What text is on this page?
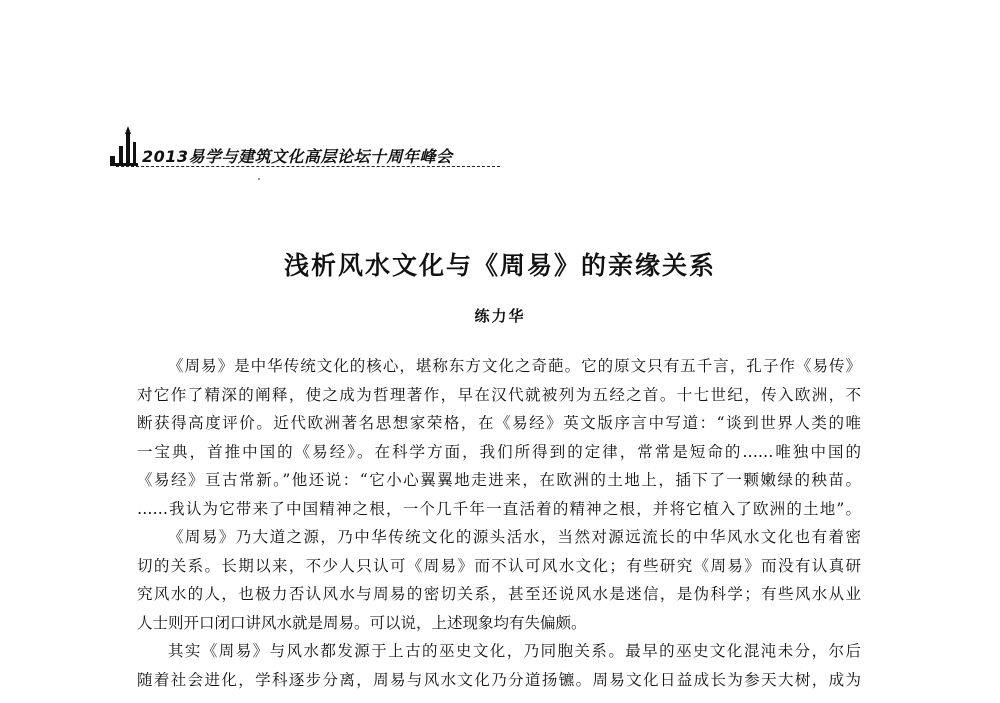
2013易学与建筑文化高层论坛十周年峰会
浅析风水文化与《周易》的亲缘关系
练力华
《周易》是中华传统文化的核心，堪称东方文化之奇葩。它的原文只有五千言，孔子作《易传》
对它作了精深的阐释，使之成为哲理著作，早在汉代就被列为五经之首。十七世纪，传入欧洲，不
断获得高度评价。近代欧洲著名思想家荣格，在《易经》英文版序言中写道：“谈到世界人类的唯
一宝典，首推中国的《易经》。在科学方面，我们所得到的定律，常常是短命的……唯独中国的
《易经》亘古常新。”他还说：“它小心翼翼地走进来，在欧洲的土地上，插下了一颗嫩绿的秧苗。
……我认为它带来了中国精神之根，一个几千年一直活着的精神之根，并将它植入了欧洲的土地”。
《周易》乃大道之源，乃中华传统文化的源头活水，当然对源远流长的中华风水文化也有着密
切的关系。长期以来，不少人只认可《周易》而不认可风水文化；有些研究《周易》而没有认真研
究风水的人，也极力否认风水与周易的密切关系，甚至还说风水是迷信，是伪科学；有些风水从业
人士则开口闭口讲风水就是周易。可以说，上述现象均有失偏颇。
其实《周易》与风水都发源于上古的巫史文化，乃同胞关系。最早的巫史文化混沌未分，尔后
随着社会进化，学科逐步分离，周易与风水文化乃分道扬镳。周易文化日益成长为参天大树，成为
